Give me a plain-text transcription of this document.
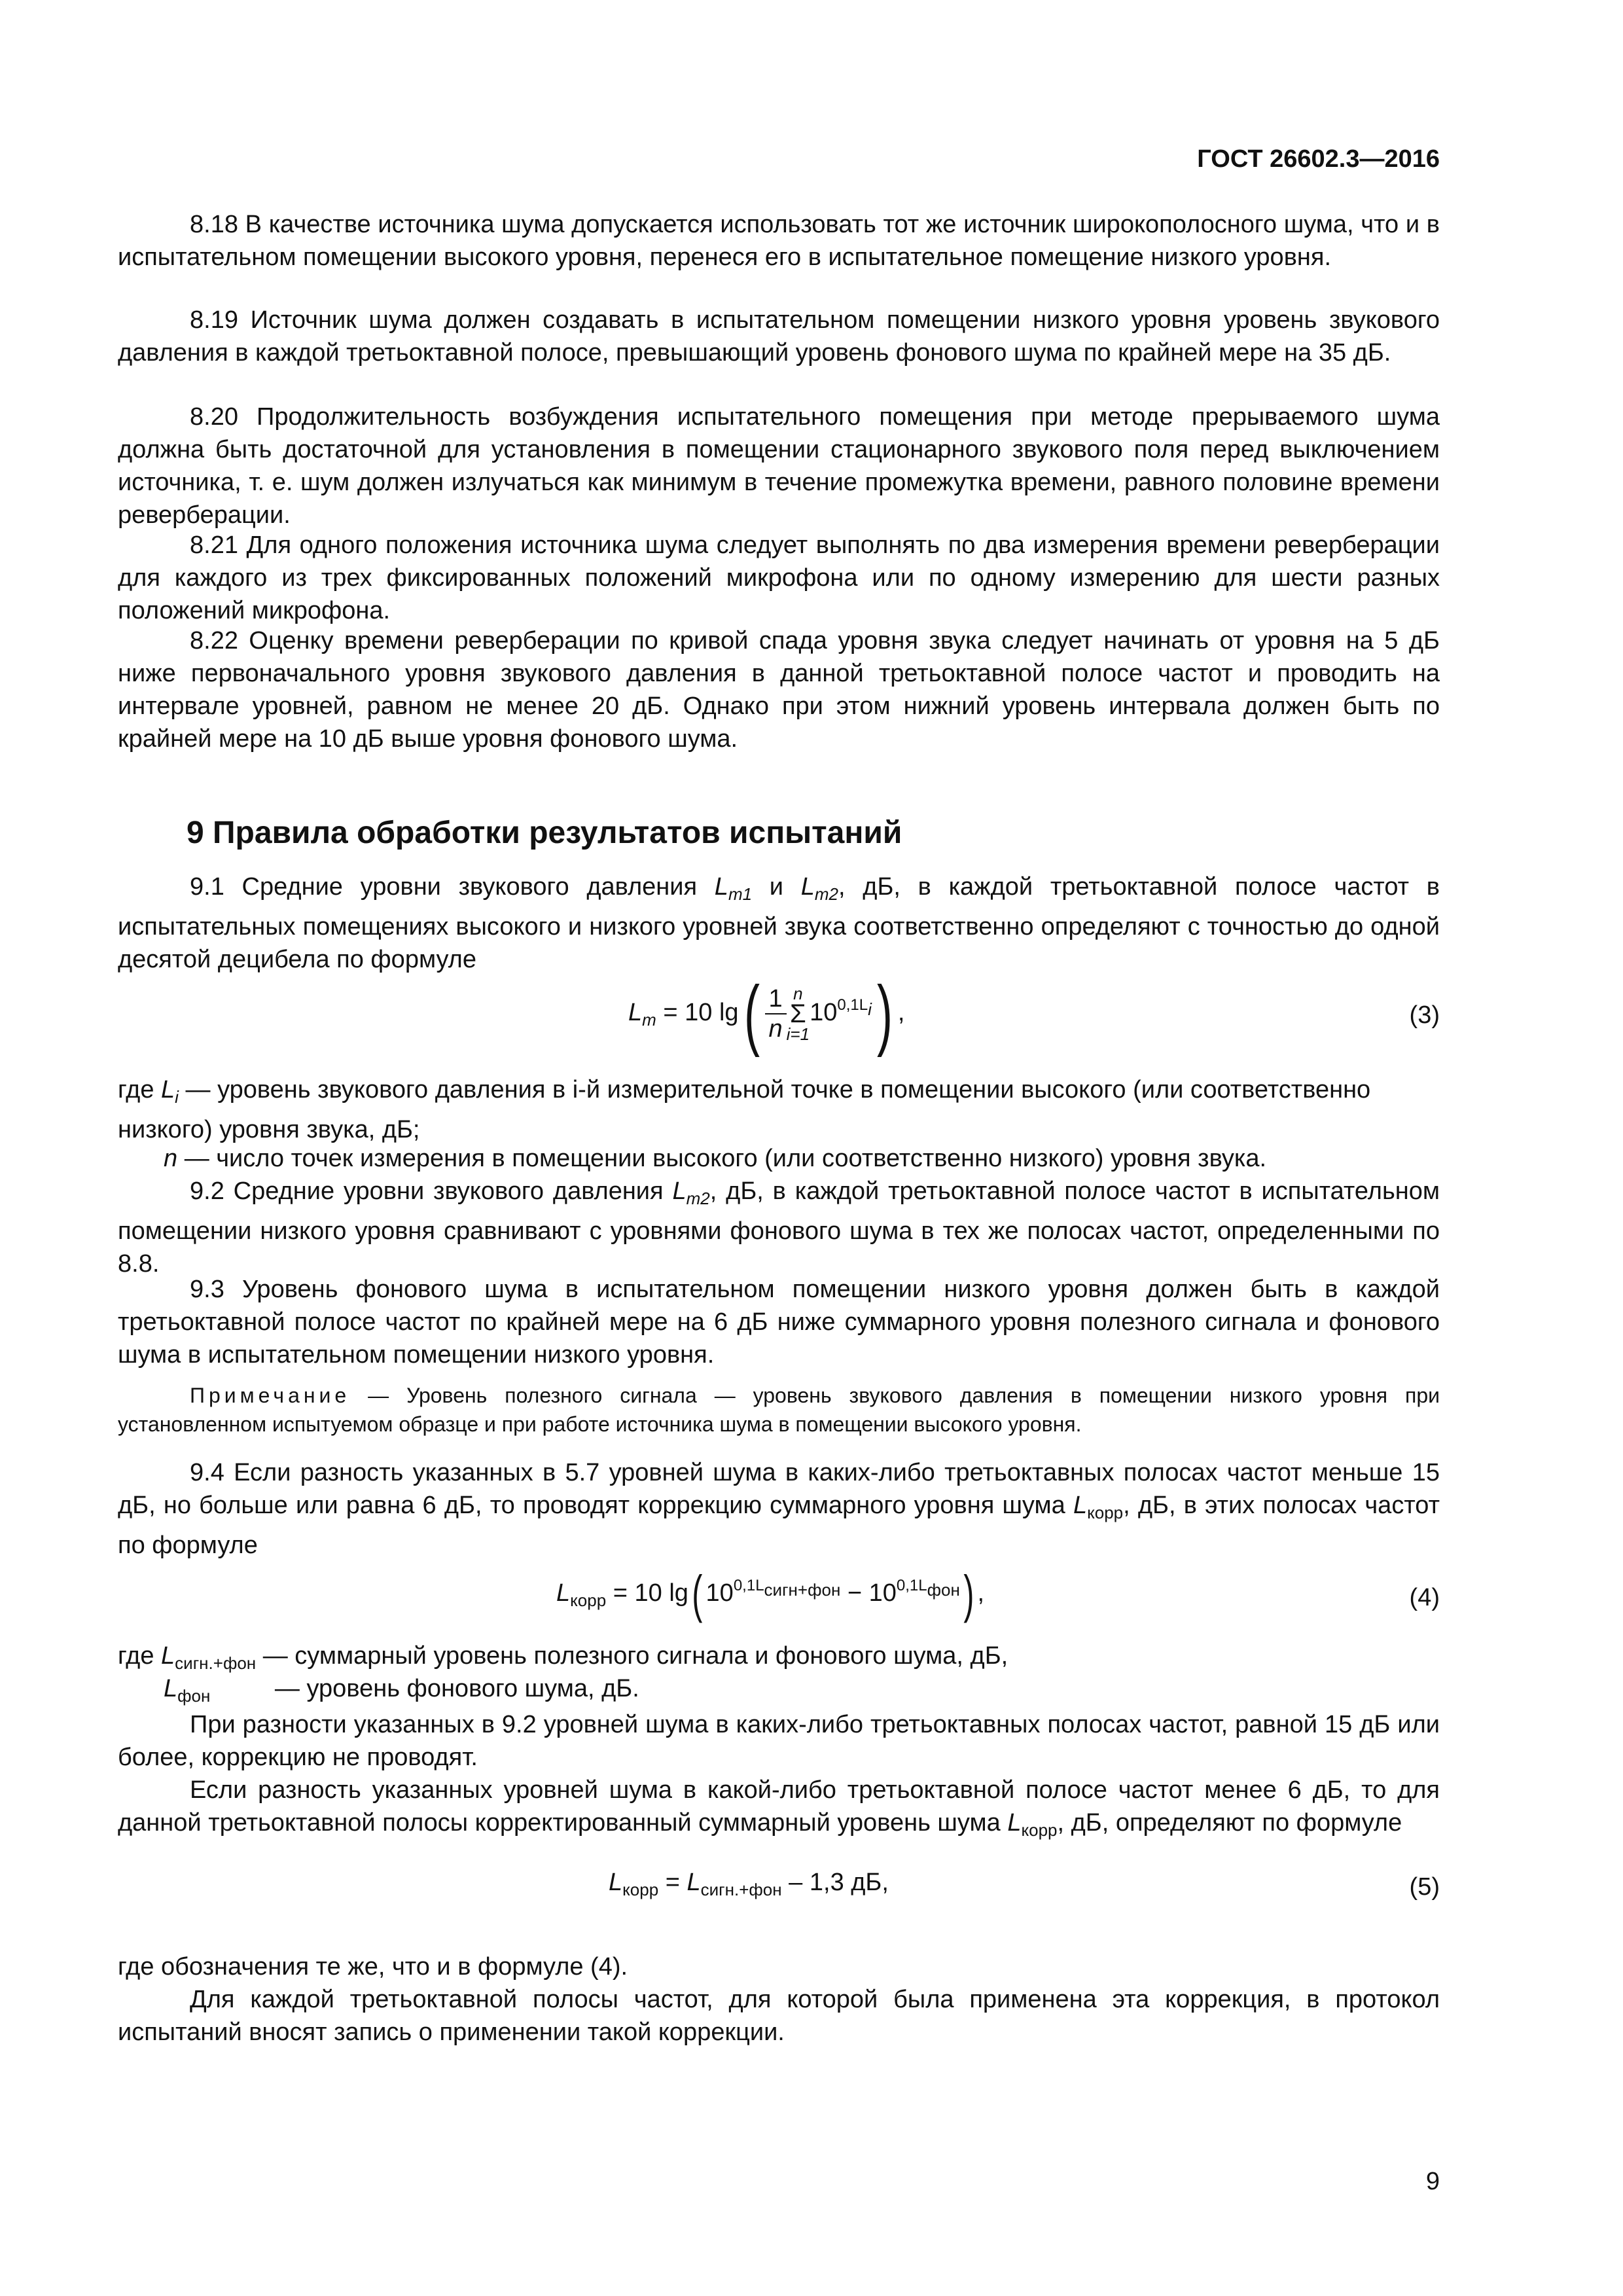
ГОСТ 26602.3—2016
8.18 В качестве источника шума допускается использовать тот же источник широкополосного шума, что и в испытательном помещении высокого уровня, перенеся его в испытательное помещение низкого уровня.
8.19 Источник шума должен создавать в испытательном помещении низкого уровня уровень звукового давления в каждой третьоктавной полосе, превышающий уровень фонового шума по крайней мере на 35 дБ.
8.20 Продолжительность возбуждения испытательного помещения при методе прерываемого шума должна быть достаточной для установления в помещении стационарного звукового поля перед выключением источника, т. е. шум должен излучаться как минимум в течение промежутка времени, равного половине времени реверберации.
8.21 Для одного положения источника шума следует выполнять по два измерения времени реверберации для каждого из трех фиксированных положений микрофона или по одному измерению для шести разных положений микрофона.
8.22 Оценку времени реверберации по кривой спада уровня звука следует начинать от уровня на 5 дБ ниже первоначального уровня звукового давления в данной третьоктавной полосе частот и проводить на интервале уровней, равном не менее 20 дБ. Однако при этом нижний уровень интервала должен быть по крайней мере на 10 дБ выше уровня фонового шума.
9 Правила обработки результатов испытаний
9.1 Средние уровни звукового давления $L_{m1}$ и $L_{m2}$, дБ, в каждой третьоктавной полосе частот в испытательных помещениях высокого и низкого уровней звука соответственно определяют с точностью до одной десятой децибела по формуле
$L_m = 10$ $\lg( \frac{1}{n}$ n
Σ
i=1
$10^{0,1L_i}$) ,	(3)
где $L_i$ — уровень звукового давления в i-й измерительной точке в помещении высокого (или соответственно низкого) уровня звука, дБ;
n — число точек измерения в помещении высокого (или соответственно низкого) уровня звука.
9.2 Средние уровни звукового давления $L_{m2}$, дБ, в каждой третьоктавной полосе частот в испытательном помещении низкого уровня сравнивают с уровнями фонового шума в тех же полосах частот, определенными по 8.8.
9.3 Уровень фонового шума в испытательном помещении низкого уровня должен быть в каждой третьоктавной полосе частот по крайней мере на 6 дБ ниже суммарного уровня полезного сигнала и фонового шума в испытательном помещении низкого уровня.
Примечание — Уровень полезного сигнала — уровень звукового давления в помещении низкого уровня при установленном испытуемом образце и при работе источника шума в помещении высокого уровня.
9.4 Если разность указанных в 5.7 уровней шума в каких-либо третьоктавных полосах частот меньше 15 дБ, но больше или равна 6 дБ, то проводят коррекцию суммарного уровня шума $L_{корр}$, дБ, в этих полосах частот по формуле
$L_{корр} = 10$ lg( $10^{0,1L_{сигн+фон}} - 10^{0,1L_{фон}}$) ,	(4)
где $L_{сигн.+фон}$ — суммарный уровень полезного сигнала и фонового шума, дБ,
$L_{фон}$ — уровень фонового шума, дБ.
При разности указанных в 9.2 уровней шума в каких-либо третьоктавных полосах частот, равной 15 дБ или более, коррекцию не проводят.
Если разность указанных уровней шума в какой-либо третьоктавной полосе частот менее 6 дБ, то для данной третьоктавной полосы корректированный суммарный уровень шума $L_{корр}$, дБ, определяют по формуле
$L_{корр} = L_{сигн.+фон} - 1,3$ дБ,	(5)
где обозначения те же, что и в формуле (4).
Для каждой третьоктавной полосы частот, для которой была применена эта коррекция, в протокол испытаний вносят запись о применении такой коррекции.
9
